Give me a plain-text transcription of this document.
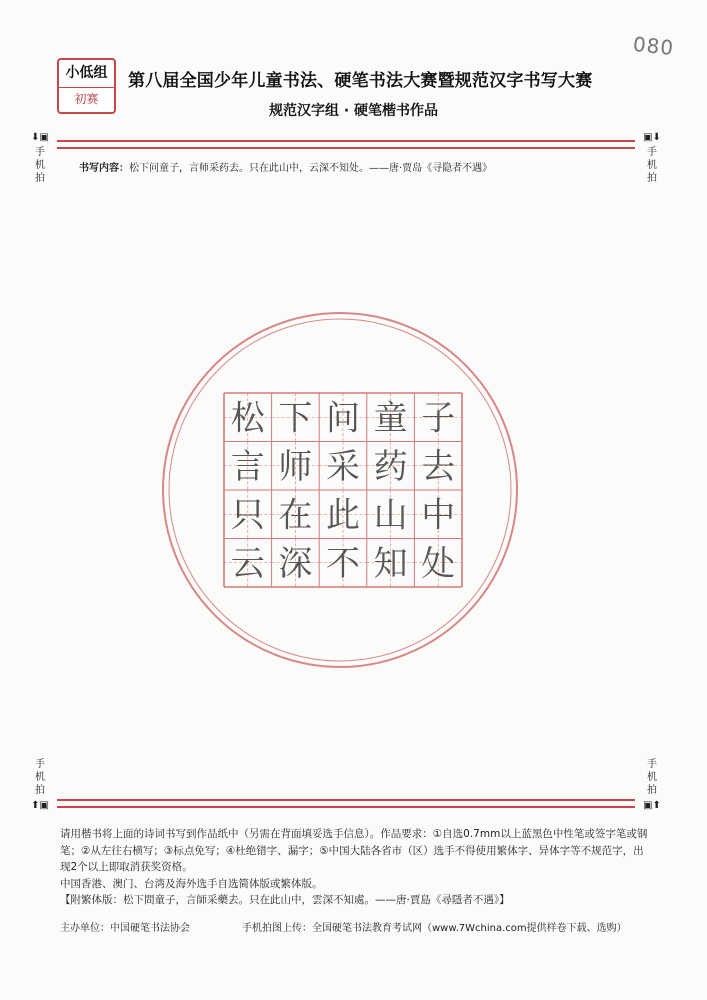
小低组
初赛
080
第八届全国少年儿童书法、硬笔书法大赛暨规范汉字书写大赛
规范汉字组 · 硬笔楷书作品
⬇▣
手机拍
▣⬇
手机拍
手机拍
⬆▣
手机拍
▣⬆
书写内容：松下问童子，言师采药去。只在此山中，云深不知处。——唐·贾岛《寻隐者不遇》
松 下 问 童 子
言 师 采 药 去
只 在 此 山 中
云 深 不 知 处

请用楷书将上面的诗词书写到作品纸中（另需在背面填妥选手信息）。作品要求：①自选0.7mm以上蓝黑色中性笔或签字笔或钢笔；②从左往右横写；③标点免写；④杜绝错字、漏字；⑤中国大陆各省市（区）选手不得使用繁体字、异体字等不规范字，出现2个以上即取消获奖资格。

中国香港、澳门、台湾及海外选手自选简体版或繁体版。

【附繁体版：松下問童子，言師采藥去。只在此山中，雲深不知處。——唐·賈島《尋隱者不遇》】

主办单位：中国硬笔书法协会	手机拍图上传：全国硬笔书法教育考试网（www.7Wchina.com提供样卷下载、选购）
